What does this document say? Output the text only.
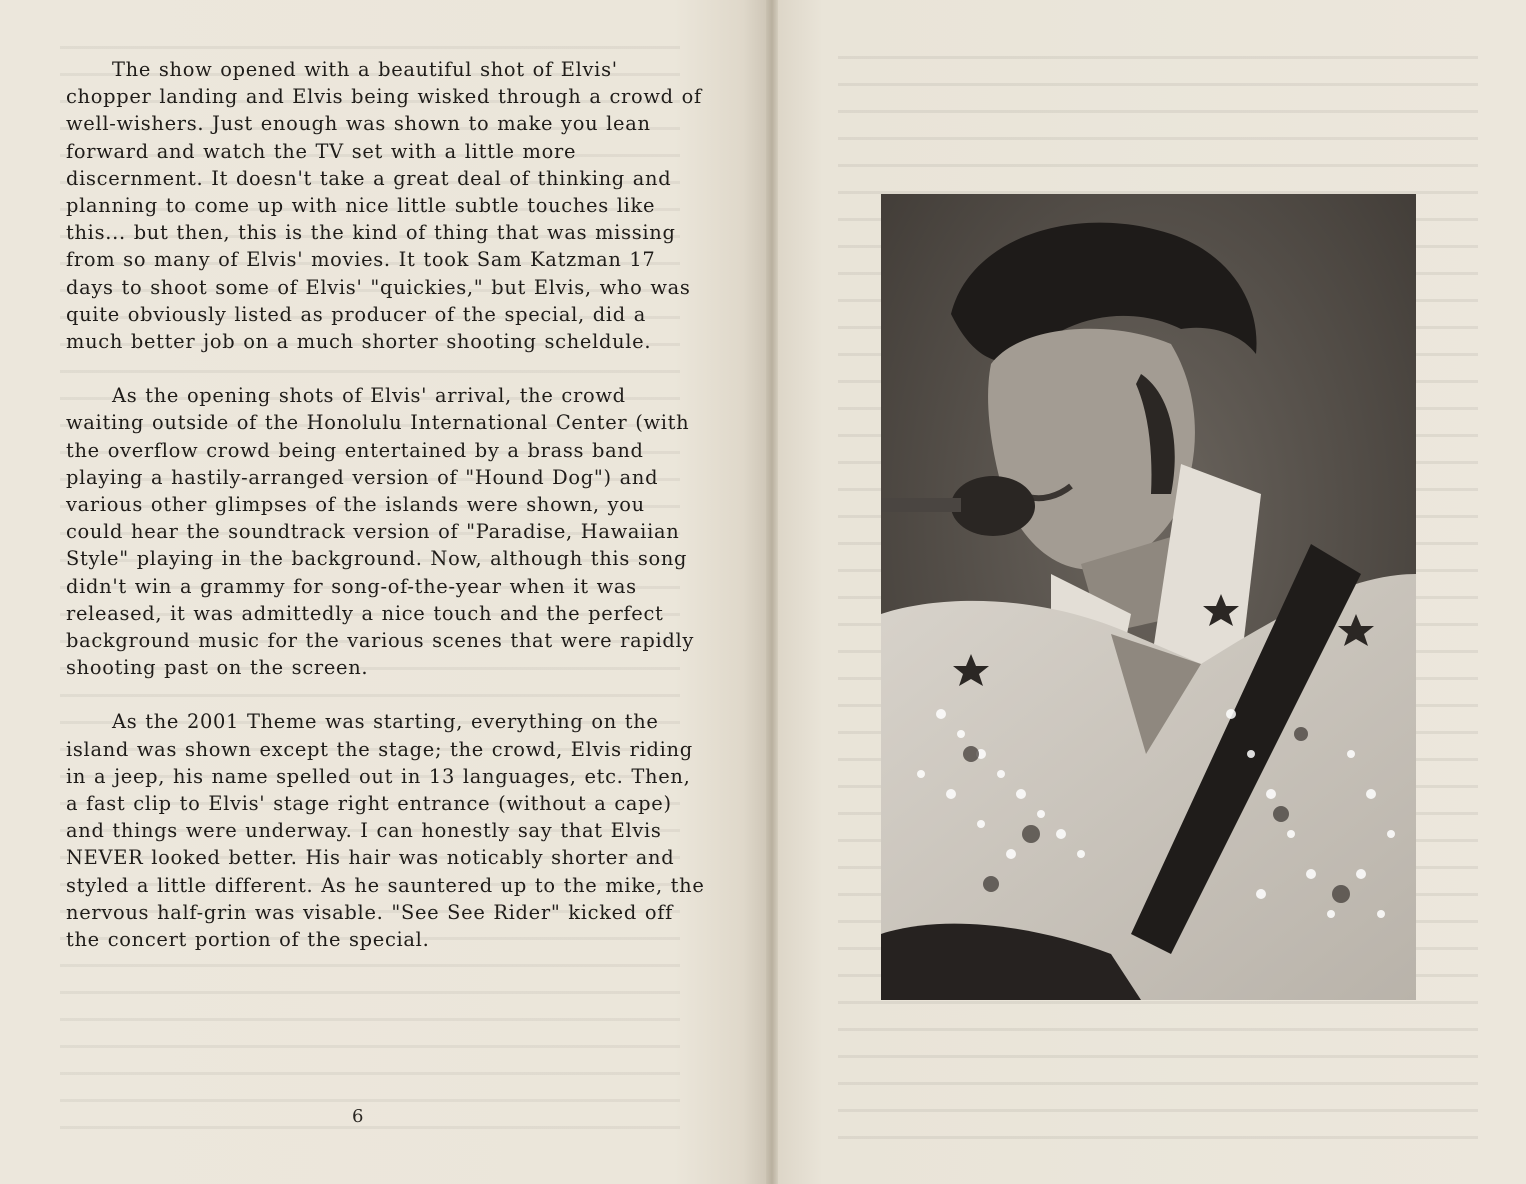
The show opened with a beautiful shot of Elvis' chopper landing and Elvis being wisked through a crowd of well-wishers. Just enough was shown to make you lean forward and watch the TV set with a little more discernment. It doesn't take a great deal of thinking and planning to come up with nice little subtle touches like this... but then, this is the kind of thing that was missing from so many of Elvis' movies. It took Sam Katzman 17 days to shoot some of Elvis' "quickies," but Elvis, who was quite obviously listed as producer of the special, did a much better job on a much shorter shooting scheldule.

As the opening shots of Elvis' arrival, the crowd waiting outside of the Honolulu International Center (with the overflow crowd being entertained by a brass band playing a hastily-arranged version of "Hound Dog") and various other glimpses of the islands were shown, you could hear the soundtrack version of "Paradise, Hawaiian Style" playing in the background. Now, although this song didn't win a grammy for song-of-the-year when it was released, it was admittedly a nice touch and the perfect background music for the various scenes that were rapidly shooting past on the screen.

As the 2001 Theme was starting, everything on the island was shown except the stage; the crowd, Elvis riding in a jeep, his name spelled out in 13 languages, etc. Then, a fast clip to Elvis' stage right entrance (without a cape) and things were underway. I can honestly say that Elvis NEVER looked better. His hair was noticably shorter and styled a little different. As he sauntered up to the mike, the nervous half-grin was visable. "See See Rider" kicked off the concert portion of the special.

6
